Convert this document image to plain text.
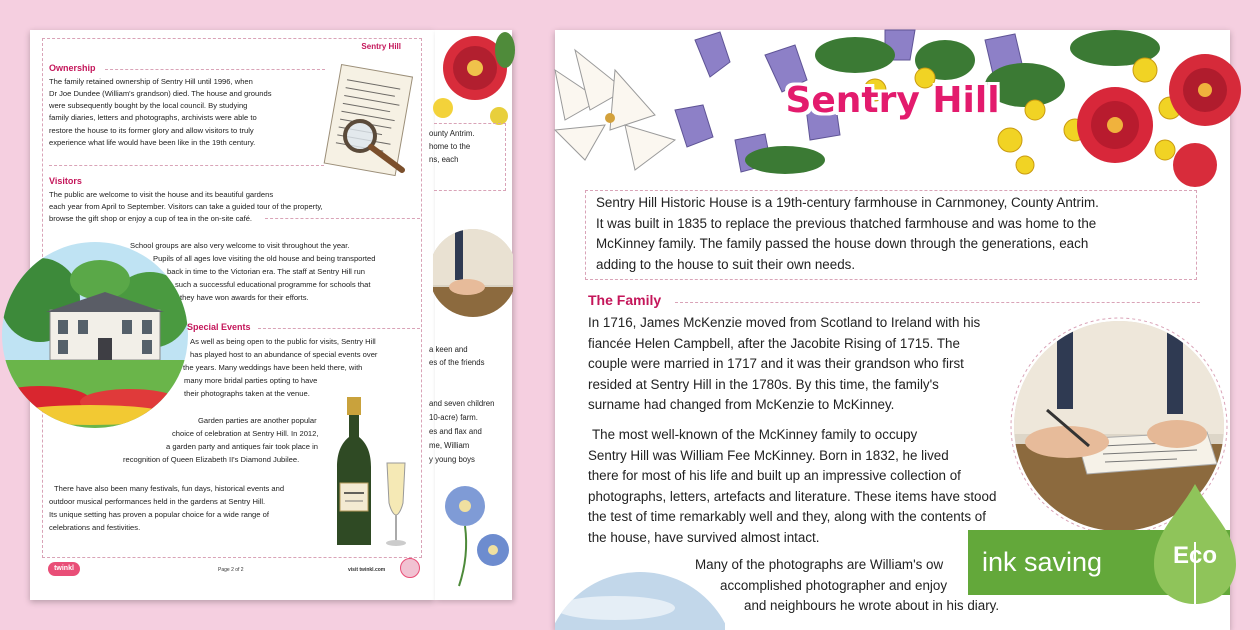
Sentry Hill
Ownership
The family retained ownership of Sentry Hill until 1996, when
Dr Joe Dundee (William's grandson) died. The house and grounds
were subsequently bought by the local council. By studying
family diaries, letters and photographs, archivists were able to
restore the house to its former glory and allow visitors to truly
experience what life would have been like in the 19th century.
Visitors
The public are welcome to visit the house and its beautiful gardens
each year from April to September. Visitors can take a guided tour of the property,
browse the gift shop or enjoy a cup of tea in the on-site café.
School groups are also very welcome to visit throughout the year.
Pupils of all ages love visiting the old house and being transported
back in time to the Victorian era. The staff at Sentry Hill run
such a successful educational programme for schools that
they have won awards for their efforts.
Special Events
As well as being open to the public for visits, Sentry Hill
has played host to an abundance of special events over
the years. Many weddings have been held there, with
many more bridal parties opting to have
their photographs taken at the venue.
Garden parties are another popular
choice of celebration at Sentry Hill. In 2012,
a garden party and antiques fair took place in
recognition of Queen Elizabeth II's Diamond Jubilee.
There have also been many festivals, fun days, historical events and
outdoor musical performances held in the gardens at Sentry Hill.
Its unique setting has proven a popular choice for a wide range of
celebrations and festivities.
twinkl	Page 2 of 2	visit twinkl.com
ounty Antrim.
home to the
ns, each
a keen and
es of the friends
and seven children
10-acre) farm.
es and flax and
me, William
y young boys
Sentry Hill
Sentry Hill Historic House is a 19th-century farmhouse in Carnmoney, County Antrim.
It was built in 1835 to replace the previous thatched farmhouse and was home to the
McKinney family. The family passed the house down through the generations, each
adding to the house to suit their own needs.
The Family
In 1716, James McKenzie moved from Scotland to Ireland with his
fiancée Helen Campbell, after the Jacobite Rising of 1715. The
couple were married in 1717 and it was their grandson who first
resided at Sentry Hill in the 1780s. By this time, the family's
surname had changed from McKenzie to McKinney.
The most well-known of the McKinney family to occupy
Sentry Hill was William Fee McKinney. Born in 1832, he lived
there for most of his life and built up an impressive collection of
photographs, letters, artefacts and literature. These items have stood
the test of time remarkably well and they, along with the contents of
the house, have survived almost intact.
Many of the photographs are William's ow
accomplished photographer and enjoy
and neighbours he wrote about in his diary.
ink saving	Eco
